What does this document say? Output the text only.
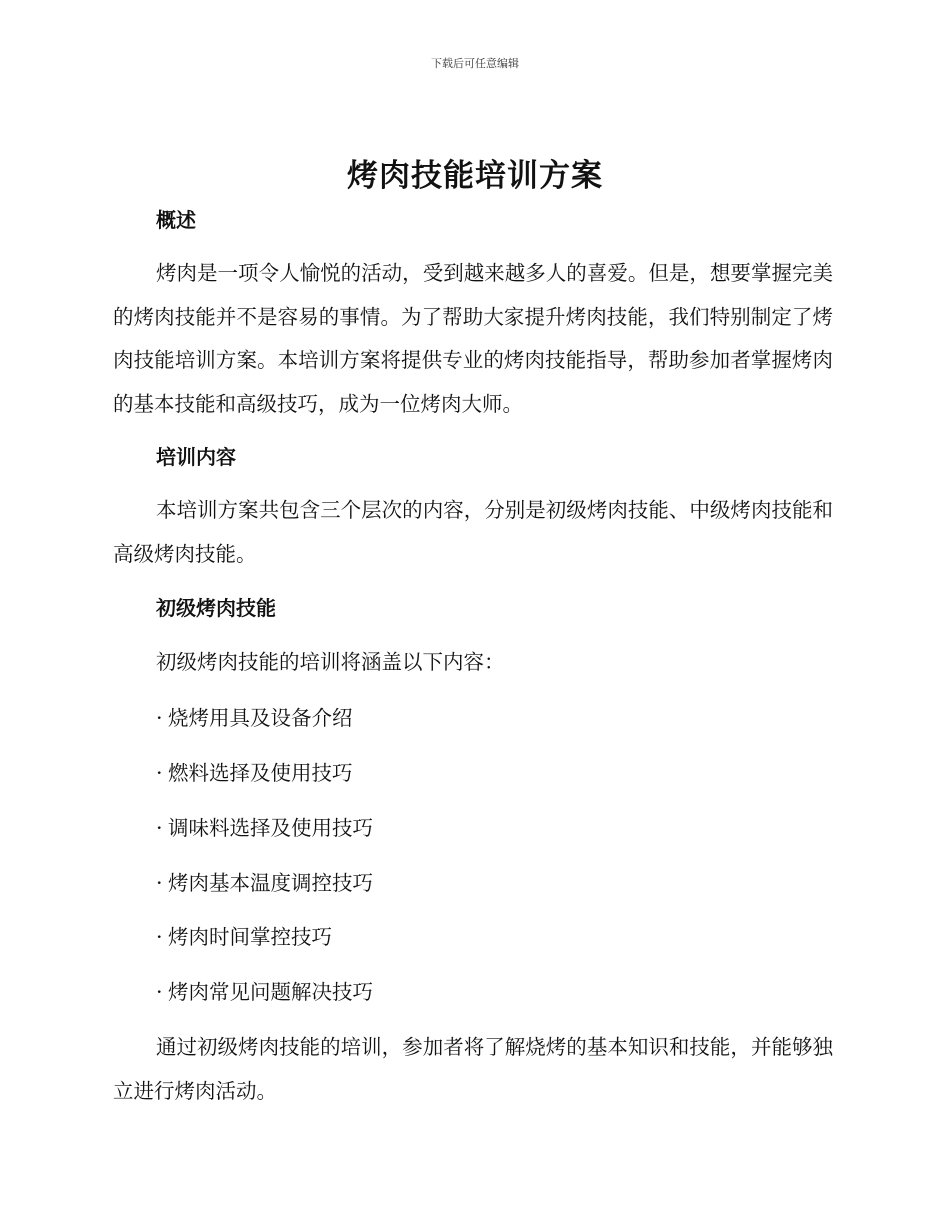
下载后可任意编辑
烤肉技能培训方案
概述

烤肉是一项令人愉悦的活动，受到越来越多人的喜爱。但是，想要掌握完美的烤肉技能并不是容易的事情。为了帮助大家提升烤肉技能，我们特别制定了烤肉技能培训方案。本培训方案将提供专业的烤肉技能指导，帮助参加者掌握烤肉的基本技能和高级技巧，成为一位烤肉大师。

培训内容

本培训方案共包含三个层次的内容，分别是初级烤肉技能、中级烤肉技能和高级烤肉技能。

初级烤肉技能

初级烤肉技能的培训将涵盖以下内容：

· 烧烤用具及设备介绍
· 燃料选择及使用技巧
· 调味料选择及使用技巧
· 烤肉基本温度调控技巧
· 烤肉时间掌控技巧
· 烤肉常见问题解决技巧

通过初级烤肉技能的培训，参加者将了解烧烤的基本知识和技能，并能够独立进行烤肉活动。
